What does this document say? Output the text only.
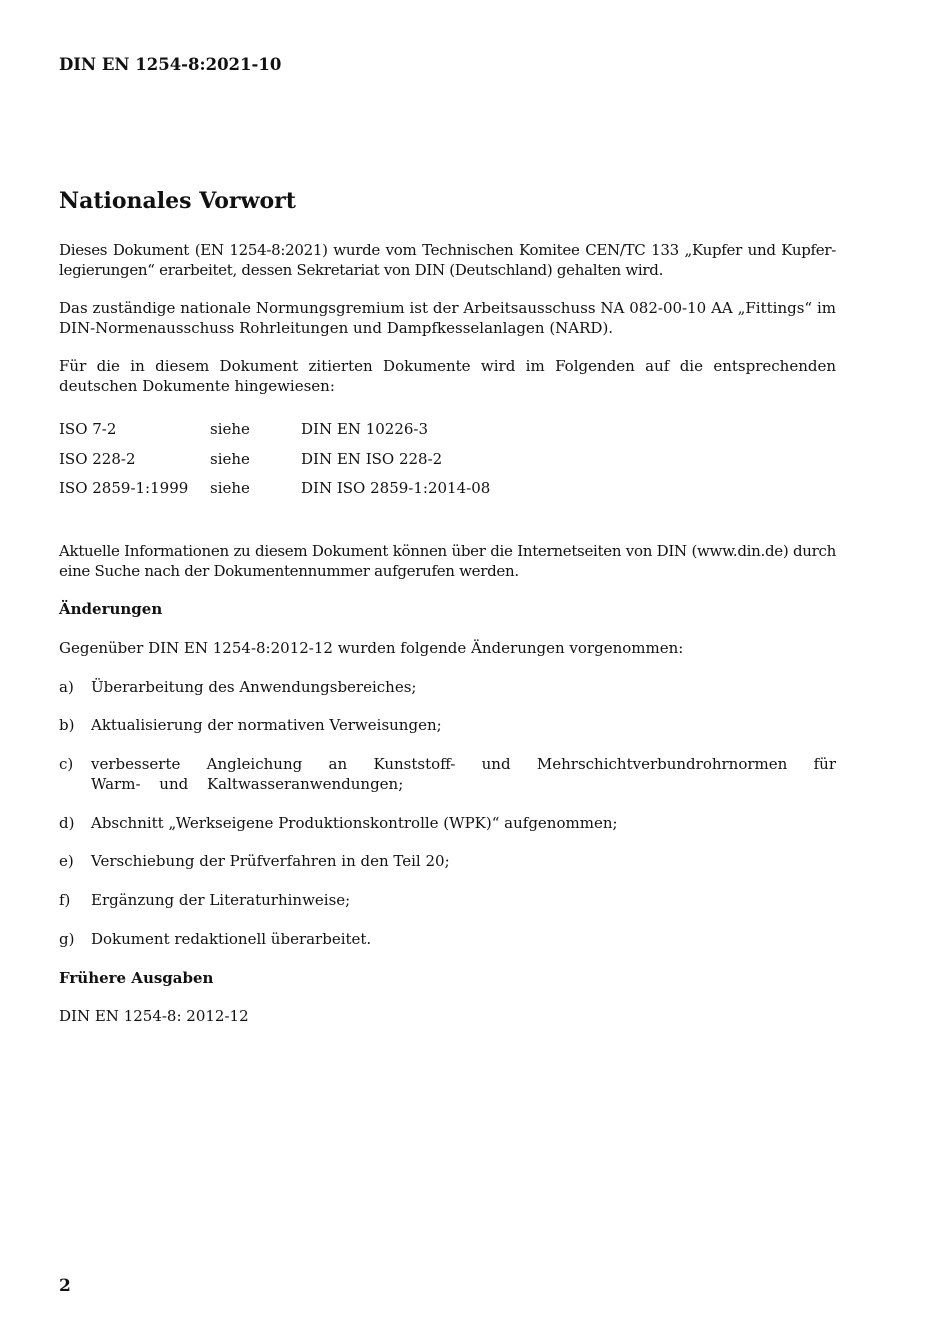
DIN EN 1254-8:2021-10
Nationales Vorwort
Dieses Dokument (EN 1254-8:2021) wurde vom Technischen Komitee CEN/TC 133 „Kupfer und Kupfer-legierungen“ erarbeitet, dessen Sekretariat von DIN (Deutschland) gehalten wird.
Das zuständige nationale Normungsgremium ist der Arbeitsausschuss NA 082-00-10 AA „Fittings“ im DIN-Normenausschuss Rohrleitungen und Dampfkesselanlagen (NARD).
Für die in diesem Dokument zitierten Dokumente wird im Folgenden auf die entsprechenden deutschen Dokumente hingewiesen:
ISO 7-2	siehe	DIN EN 10226-3
ISO 228-2	siehe	DIN EN ISO 228-2
ISO 2859-1:1999 siehe	DIN ISO 2859-1:2014-08
Aktuelle Informationen zu diesem Dokument können über die Internetseiten von DIN (www.din.de) durch eine Suche nach der Dokumentennummer aufgerufen werden.
Änderungen
Gegenüber DIN EN 1254-8:2012-12 wurden folgende Änderungen vorgenommen:
a) Überarbeitung des Anwendungsbereiches;
b) Aktualisierung der normativen Verweisungen;
c) verbesserte Angleichung an Kunststoff- und Mehrschichtverbundrohrnormen für Warm- und Kaltwasseranwendungen;
d) Abschnitt „Werkseigene Produktionskontrolle (WPK)“ aufgenommen;
e) Verschiebung der Prüfverfahren in den Teil 20;
f) Ergänzung der Literaturhinweise;
g) Dokument redaktionell überarbeitet.
Frühere Ausgaben
DIN EN 1254-8: 2012-12
2
